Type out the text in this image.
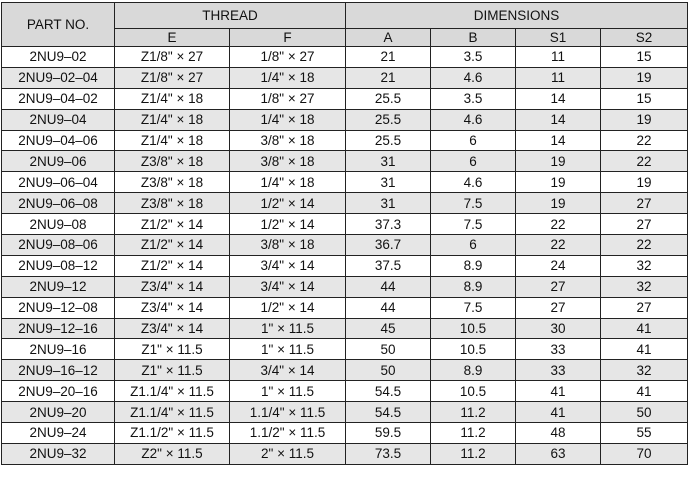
PART NO.	THREAD		DIMENSIONS			
	E	F	A	B	S1	S2
2NU9–02	Z1/8" × 27	1/8" × 27	21	3.5	11	15
2NU9–02–04	Z1/8" × 27	1/4" × 18	21	4.6	11	19
2NU9–04–02	Z1/4" × 18	1/8" × 27	25.5	3.5	14	15
2NU9–04	Z1/4" × 18	1/4" × 18	25.5	4.6	14	19
2NU9–04–06	Z1/4" × 18	3/8" × 18	25.5	6	14	22
2NU9–06	Z3/8" × 18	3/8" × 18	31	6	19	22
2NU9–06–04	Z3/8" × 18	1/4" × 18	31	4.6	19	19
2NU9–06–08	Z3/8" × 18	1/2" × 14	31	7.5	19	27
2NU9–08	Z1/2" × 14	1/2" × 14	37.3	7.5	22	27
2NU9–08–06	Z1/2" × 14	3/8" × 18	36.7	6	22	22
2NU9–08–12	Z1/2" × 14	3/4" × 14	37.5	8.9	24	32
2NU9–12	Z3/4" × 14	3/4" × 14	44	8.9	27	32
2NU9–12–08	Z3/4" × 14	1/2" × 14	44	7.5	27	27
2NU9–12–16	Z3/4" × 14	1" × 11.5	45	10.5	30	41
2NU9–16	Z1" × 11.5	1" × 11.5	50	10.5	33	41
2NU9–16–12	Z1" × 11.5	3/4" × 14	50	8.9	33	32
2NU9–20–16	Z1.1/4" × 11.5	1" × 11.5	54.5	10.5	41	41
2NU9–20	Z1.1/4" × 11.5	1.1/4" × 11.5	54.5	11.2	41	50
2NU9–24	Z1.1/2" × 11.5	1.1/2" × 11.5	59.5	11.2	48	55
2NU9–32	Z2" × 11.5	2" × 11.5	73.5	11.2	63	70
